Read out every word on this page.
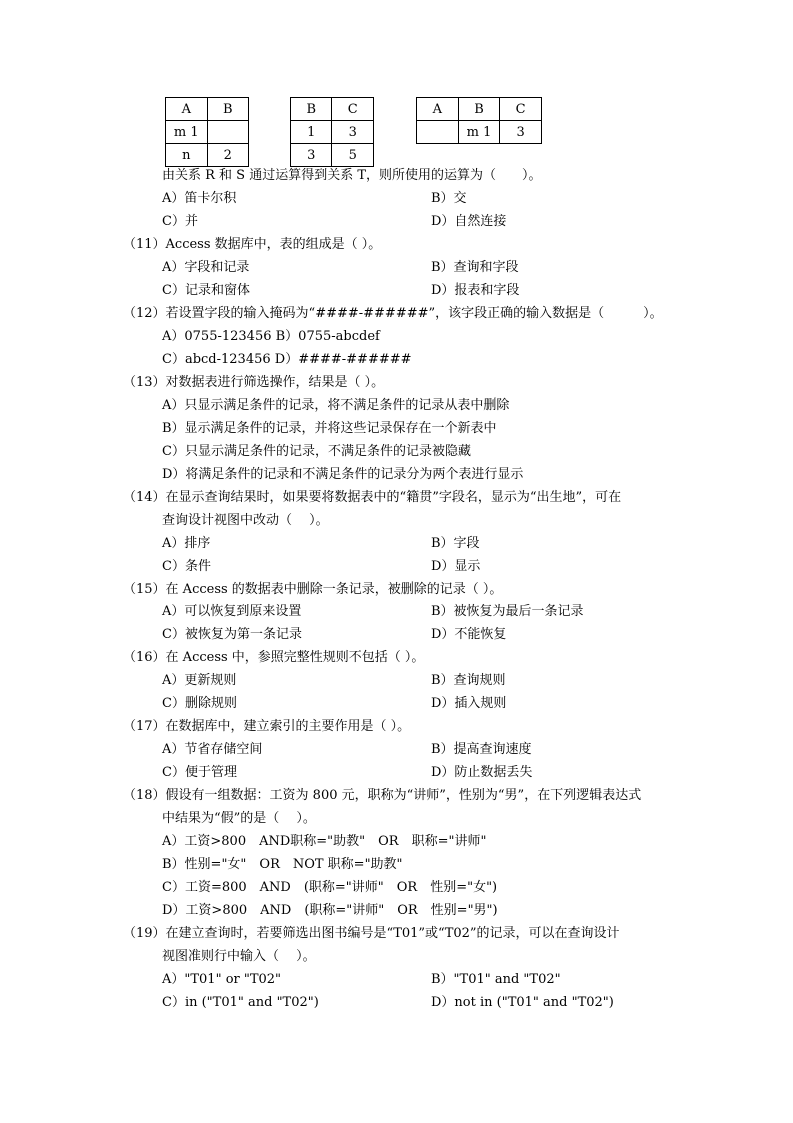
A	B
m 1	
n	2
B	C
1	3
3	5
A	B	C
	m 1	3
由关系 R 和 S 通过运算得到关系 T，则所使用的运算为（　　）。
A）笛卡尔积	B）交
C）并	D）自然连接
（11）Access 数据库中，表的组成是（ ）。
A）字段和记录	B）查询和字段
C）记录和窗体	D）报表和字段
（12）若设置字段的输入掩码为“####-######”，该字段正确的输入数据是（　　　）。
A）0755-123456 B）0755-abcdef
C）abcd-123456 D）####-######
（13）对数据表进行筛选操作，结果是（ ）。
A）只显示满足条件的记录，将不满足条件的记录从表中删除
B）显示满足条件的记录，并将这些记录保存在一个新表中
C）只显示满足条件的记录，不满足条件的记录被隐藏
D）将满足条件的记录和不满足条件的记录分为两个表进行显示
（14）在显示查询结果时，如果要将数据表中的“籍贯”字段名，显示为“出生地”，可在
查询设计视图中改动（　 ）。
A）排序	B）字段
C）条件	D）显示
（15）在 Access 的数据表中删除一条记录，被删除的记录（ ）。
A）可以恢复到原来设置	B）被恢复为最后一条记录
C）被恢复为第一条记录	D）不能恢复
（16）在 Access 中，参照完整性规则不包括（ ）。
A）更新规则	B）查询规则
C）删除规则	D）插入规则
（17）在数据库中，建立索引的主要作用是（ ）。
A）节省存储空间	B）提高查询速度
C）便于管理	D）防止数据丢失
（18）假设有一组数据：工资为 800 元，职称为“讲师”，性别为“男”，在下列逻辑表达式
中结果为“假”的是（　 ）。
A）工资>800　AND职称="助教"　OR　职称="讲师"
B）性别="女"　OR　NOT 职称="助教"
C）工资=800　AND　(职称="讲师"　OR　性别="女")
D）工资>800　AND　(职称="讲师"　OR　性别="男")
（19）在建立查询时，若要筛选出图书编号是“T01”或“T02”的记录，可以在查询设计
视图准则行中输入（　 ）。
A）"T01" or "T02"	B）"T01" and "T02"
C）in ("T01" and "T02")	D）not in ("T01" and "T02")
